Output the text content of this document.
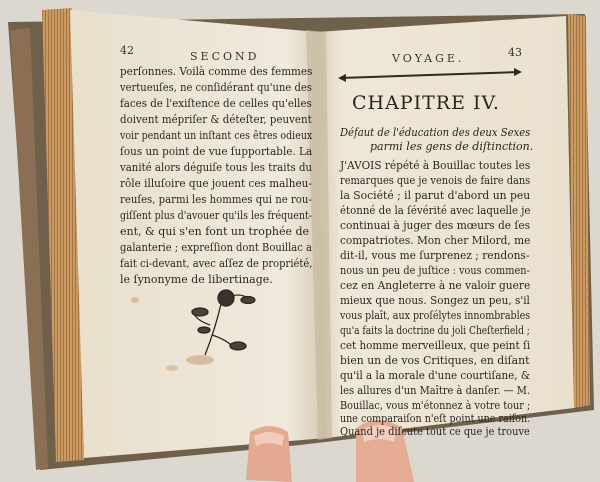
42	SECOND
perſonnes. Voilà comme des femmes
vertueuſes, ne conſidérant qu'une des
faces de l'exiſtence de celles qu'elles
doivent mépriſer & déteſter, peuvent
voir pendant un inſtant ces êtres odieux
ſous un point de vue ſupportable. La
vanité alors déguiſe tous les traits du
rôle illuſoire que jouent ces malheu-
reuſes, parmi les hommes qui ne rou-
giſſent plus d'avouer qu'ils les fréquent-
ent, & qui s'en font un trophée de
galanterie ; expreſſion dont Bouillac a
fait ci-devant, avec aſſez de propriété,
le ſynonyme de libertinage.
VOYAGE.	43
CHAPITRE IV.
Défaut de l'éducation des deux Sexes
parmi les gens de diſtinction.
J'AVOIS répété à Bouillac toutes les
remarques que je venois de faire dans
la Société ; il parut d'abord un peu
étonné de la ſévérité avec laquelle je
continuai à juger des mœurs de ſes
compatriotes. Mon cher Milord, me
dit-il, vous me ſurprenez ; rendons-
nous un peu de juſtice : vous commen-
cez en Angleterre à ne valoir guere
mieux que nous. Songez un peu, s'il
vous plaît, aux proſélytes innombrables
qu'a faits la doctrine du joli Cheſterfield ;
cet homme merveilleux, que peint ſi
bien un de vos Critiques, en diſant
qu'il a la morale d'une courtiſane, &
les allures d'un Maître à danſer. — M.
Bouillac, vous m'étonnez à votre tour ;
une comparaiſon n'eſt point une raiſon.
Quand je diſcute tout ce que je trouve
